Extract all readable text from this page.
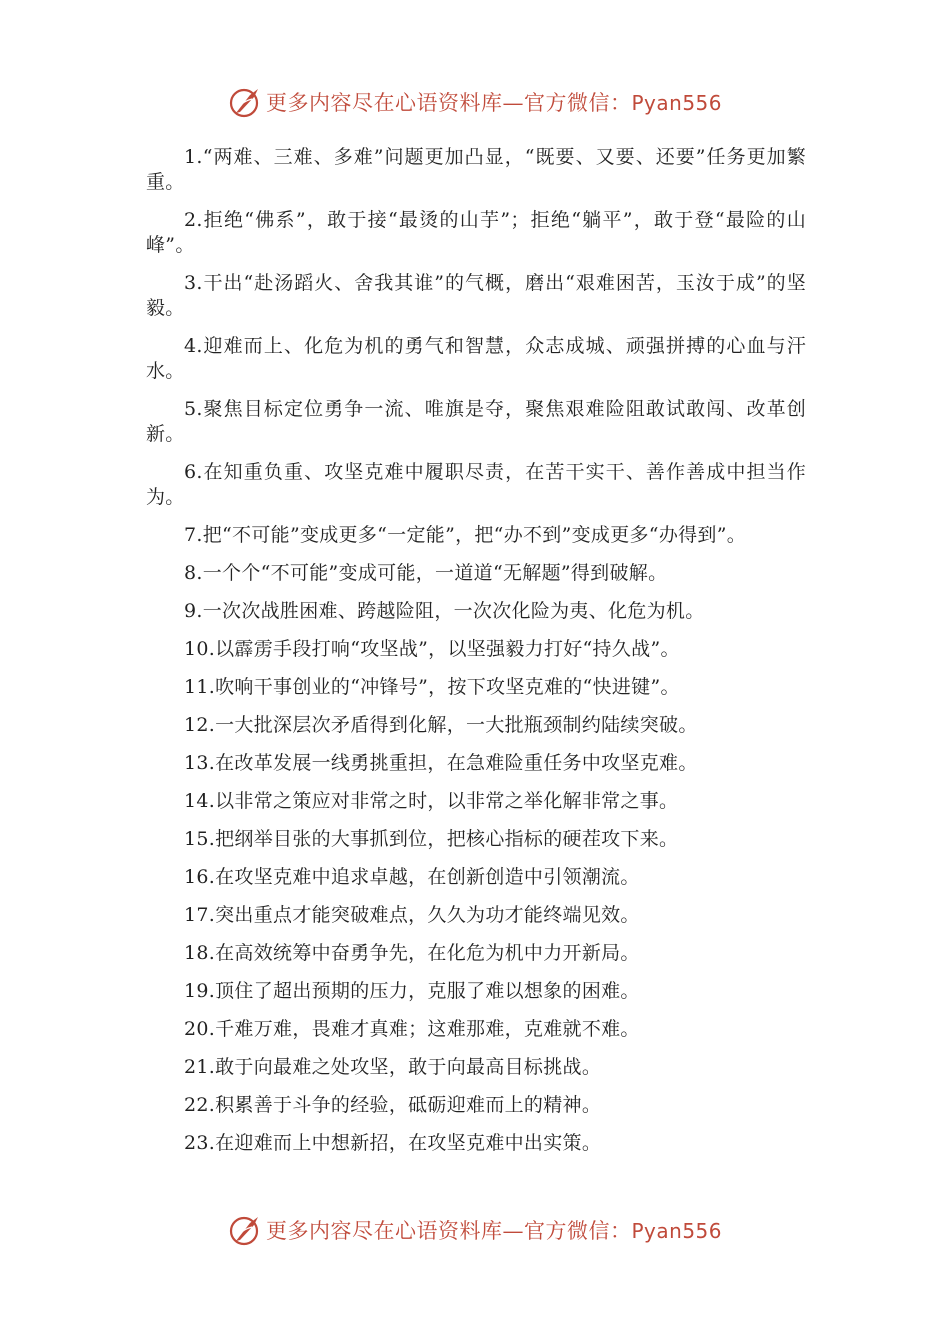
更多内容尽在心语资料库—官方微信：Pyan556

1.“两难、三难、多难”问题更加凸显，“既要、又要、还要”任务更加繁重。

2.拒绝“佛系”，敢于接“最烫的山芋”；拒绝“躺平”，敢于登“最险的山峰”。

3.干出“赴汤蹈火、舍我其谁”的气概，磨出“艰难困苦，玉汝于成”的坚毅。

4.迎难而上、化危为机的勇气和智慧，众志成城、顽强拼搏的心血与汗水。

5.聚焦目标定位勇争一流、唯旗是夺，聚焦艰难险阻敢试敢闯、改革创新。

6.在知重负重、攻坚克难中履职尽责，在苦干实干、善作善成中担当作为。

7.把“不可能”变成更多“一定能”，把“办不到”变成更多“办得到”。

8.一个个“不可能”变成可能，一道道“无解题”得到破解。

9.一次次战胜困难、跨越险阻，一次次化险为夷、化危为机。

10.以霹雳手段打响“攻坚战”，以坚强毅力打好“持久战”。

11.吹响干事创业的“冲锋号”，按下攻坚克难的“快进键”。

12.一大批深层次矛盾得到化解，一大批瓶颈制约陆续突破。

13.在改革发展一线勇挑重担，在急难险重任务中攻坚克难。

14.以非常之策应对非常之时，以非常之举化解非常之事。

15.把纲举目张的大事抓到位，把核心指标的硬茬攻下来。

16.在攻坚克难中追求卓越，在创新创造中引领潮流。

17.突出重点才能突破难点，久久为功才能终端见效。

18.在高效统筹中奋勇争先，在化危为机中力开新局。

19.顶住了超出预期的压力，克服了难以想象的困难。

20.千难万难，畏难才真难；这难那难，克难就不难。

21.敢于向最难之处攻坚，敢于向最高目标挑战。

22.积累善于斗争的经验，砥砺迎难而上的精神。

23.在迎难而上中想新招，在攻坚克难中出实策。

更多内容尽在心语资料库—官方微信：Pyan556
